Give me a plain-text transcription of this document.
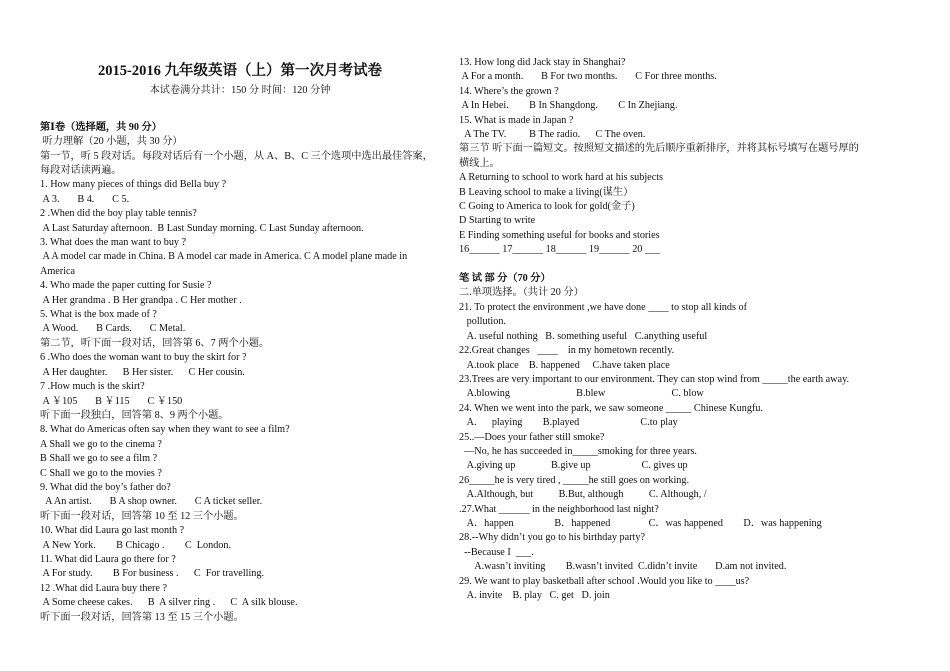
2015-2016 九年级英语（上）第一次月考试卷
本试卷满分共计：150 分 时间：120 分钟
第Ⅰ卷（选择题，共 90 分）
听力理解（20 小题，共 30 分）
第一节，听 5 段对话。每段对话后有一个小题，从 A、B、C 三个选项中选出最佳答案，每段对话读两遍。
1. How many pieces of things did Bella buy ?
A 3.       B 4.       C 5.
2 .When did the boy play table tennis?
A Last Saturday afternoon.  B Last Sunday morning. C Last Sunday afternoon.
3. What does the man want to buy ?
A A model car made in China. B A model car made in America. C A model plane made in America
4. Who made the paper cutting for Susie ?
A Her grandma . B Her grandpa . C Her mother .
5. What is the box made of ?
A Wood.       B Cards.       C Metal.
第二节，听下面一段对话，回答第 6、7 两个小题。
6 .Who does the woman want to buy the skirt for ?
A Her daughter.      B Her sister.      C Her cousin.
7 .How much is the skirt?
A ￥105       B ￥115       C ￥150
听下面一段独白，回答第 8、9 两个小题。
8. What do Americas often say when they want to see a film?
A Shall we go to the cinema ?
B Shall we go to see a film ?
C Shall we go to the movies ?
9. What did the boy’s father do?
A An artist.       B A shop owner.       C A ticket seller.
听下面一段对话，回答第 10 至 12 三个小题。
10. What did Laura go last month ?
A New York.        B Chicago .        C  London.
11. What did Laura go there for ?
A For study.        B For business .      C  For travelling.
12 .What did Laura buy there ?
A Some cheese cakes.      B  A silver ring .      C  A silk blouse.
听下面一段对话，回答第 13 至 15 三个小题。
13. How long did Jack stay in Shanghai?
A For a month.       B For two months.       C For three months.
14. Where’s the grown ?
A In Hebei.        B In Shangdong.        C In Zhejiang.
15. What is made in Japan ?
A The TV.         B The radio.      C The oven.
第三节 听下面一篇短文。按照短文描述的先后顺序重新排序，并将其标号填写在题号厚的横线上。
A Returning to school to work hard at his subjects
B Leaving school to make a living(谋生）
C Going to America to look for gold(金子)
D Starting to write
E Finding something useful for books and stories
16______ 17______ 18______ 19______ 20 ___
笔 试 部 分（70 分）
二.单项选择。（共计 20 分）
21. To protect the environment ,we have done ____ to stop all kinds of
pollution.
A. useful nothing   B. something useful   C.anything useful
22.Great changes   ____    in my hometown recently.
A.took place    B. happened     C.have taken place
23.Trees are very important to our environment. They can stop wind from _____the earth away.
A.blowing                          B.blew                          C. blow
24. When we went into the park, we saw someone _____ Chinese Kungfu.
A.      playing        B.played                        C.to play
25..—Does your father still smoke?
—No, he has succeeded in_____smoking for three years.
A.giving up              B.give up                    C. gives up
26_____he is very tired , _____he still goes on working.
A.Although, but          B.But, although          C. Although, /
.27.What ______ in the neighborhood last night?
A．happen                B．happened               C．was happened        D．was happening
28.--Why didn’t you go to his birthday party?
--Because I  ___.
A.wasn’t inviting        B.wasn’t invited  C.didn’t invite       D.am not invited.
29. We want to play basketball after school .Would you like to ____us?
A. invite    B. play   C. get   D. join
